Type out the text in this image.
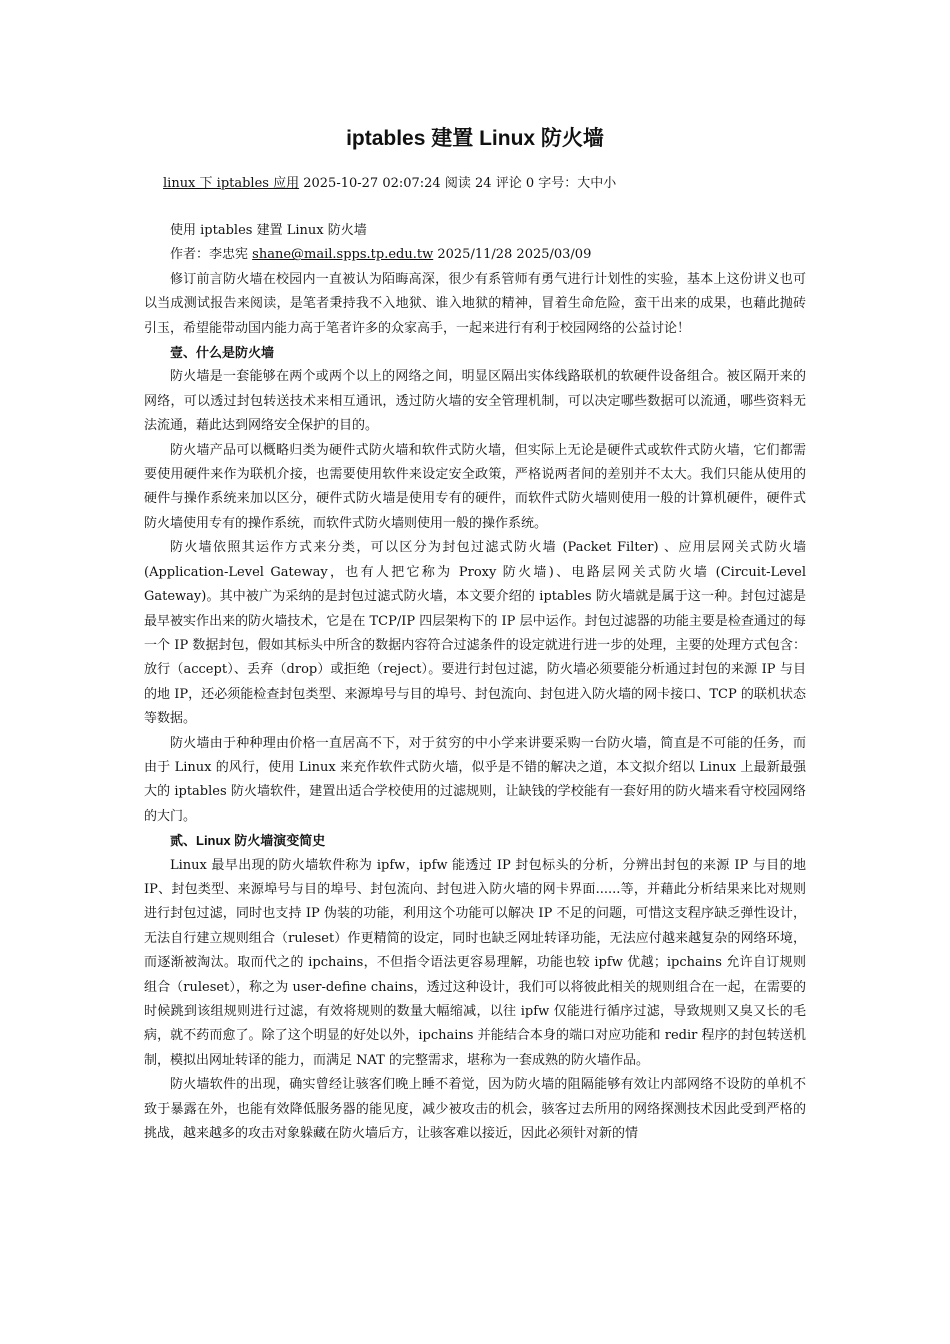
iptables 建置 Linux 防火墙
linux 下 iptables 应用 2025-10-27 02:07:24 阅读 24 评论 0 字号：大中小

使用 iptables 建置 Linux 防火墙

作者：李忠宪 shane@mail.spps.tp.edu.tw 2025/11/28 2025/03/09

修订前言防火墙在校园内一直被认为陌晦高深，很少有系管师有勇气进行计划性的实验，基本上这份讲义也可以当成测试报告来阅读，是笔者秉持我不入地狱、谁入地狱的精神，冒着生命危险，蛮干出来的成果，也藉此抛砖引玉，希望能带动国内能力高于笔者许多的众家高手，一起来进行有利于校园网络的公益讨论！

壹、什么是防火墙

防火墙是一套能够在两个或两个以上的网络之间，明显区隔出实体线路联机的软硬件设备组合。被区隔开来的网络，可以透过封包转送技术来相互通讯，透过防火墙的安全管理机制，可以决定哪些数据可以流通，哪些资料无法流通，藉此达到网络安全保护的目的。

防火墙产品可以概略归类为硬件式防火墙和软件式防火墙，但实际上无论是硬件式或软件式防火墙，它们都需要使用硬件来作为联机介接，也需要使用软件来设定安全政策，严格说两者间的差别并不太大。我们只能从使用的硬件与操作系统来加以区分，硬件式防火墙是使用专有的硬件，而软件式防火墙则使用一般的计算机硬件，硬件式防火墙使用专有的操作系统，而软件式防火墙则使用一般的操作系统。

防火墙依照其运作方式来分类，可以区分为封包过滤式防火墙 (Packet Filter) 、应用层网关式防火墙 (Application-Level Gateway，也有人把它称为 Proxy 防火墙)、电路层网关式防火墙 (Circuit-Level Gateway)。其中被广为采纳的是封包过滤式防火墙，本文要介绍的 iptables 防火墙就是属于这一种。封包过滤是最早被实作出来的防火墙技术，它是在 TCP/IP 四层架构下的 IP 层中运作。封包过滤器的功能主要是检查通过的每一个 IP 数据封包，假如其标头中所含的数据内容符合过滤条件的设定就进行进一步的处理，主要的处理方式包含：放行（accept）、丢弃（drop）或拒绝（reject）。要进行封包过滤，防火墙必须要能分析通过封包的来源 IP 与目的地 IP，还必须能检查封包类型、来源埠号与目的埠号、封包流向、封包进入防火墙的网卡接口、TCP 的联机状态等数据。

防火墙由于种种理由价格一直居高不下，对于贫穷的中小学来讲要采购一台防火墙，简直是不可能的任务，而由于 Linux 的风行，使用 Linux 来充作软件式防火墙，似乎是不错的解决之道，本文拟介绍以 Linux 上最新最强大的 iptables 防火墙软件，建置出适合学校使用的过滤规则，让缺钱的学校能有一套好用的防火墙来看守校园网络的大门。

贰、Linux 防火墙演变简史

Linux 最早出现的防火墙软件称为 ipfw，ipfw 能透过 IP 封包标头的分析，分辨出封包的来源 IP 与目的地 IP、封包类型、来源埠号与目的埠号、封包流向、封包进入防火墙的网卡界面......等，并藉此分析结果来比对规则进行封包过滤，同时也支持 IP 伪装的功能，利用这个功能可以解决 IP 不足的问题，可惜这支程序缺乏弹性设计，无法自行建立规则组合（ruleset）作更精简的设定，同时也缺乏网址转译功能，无法应付越来越复杂的网络环境，而逐渐被淘汰。取而代之的 ipchains，不但指令语法更容易理解，功能也较 ipfw 优越；ipchains 允许自订规则组合（ruleset），称之为 user-define chains，透过这种设计，我们可以将彼此相关的规则组合在一起，在需要的时候跳到该组规则进行过滤，有效将规则的数量大幅缩减，以往 ipfw 仅能进行循序过滤，导致规则又臭又长的毛病，就不药而愈了。除了这个明显的好处以外，ipchains 并能结合本身的端口对应功能和 redir 程序的封包转送机制，模拟出网址转译的能力，而满足 NAT 的完整需求，堪称为一套成熟的防火墙作品。

防火墙软件的出现，确实曾经让骇客们晚上睡不着觉，因为防火墙的阻隔能够有效让内部网络不设防的单机不致于暴露在外，也能有效降低服务器的能见度，减少被攻击的机会，骇客过去所用的网络探测技术因此受到严格的挑战，越来越多的攻击对象躲藏在防火墙后方，让骇客难以接近，因此必须针对新的情
